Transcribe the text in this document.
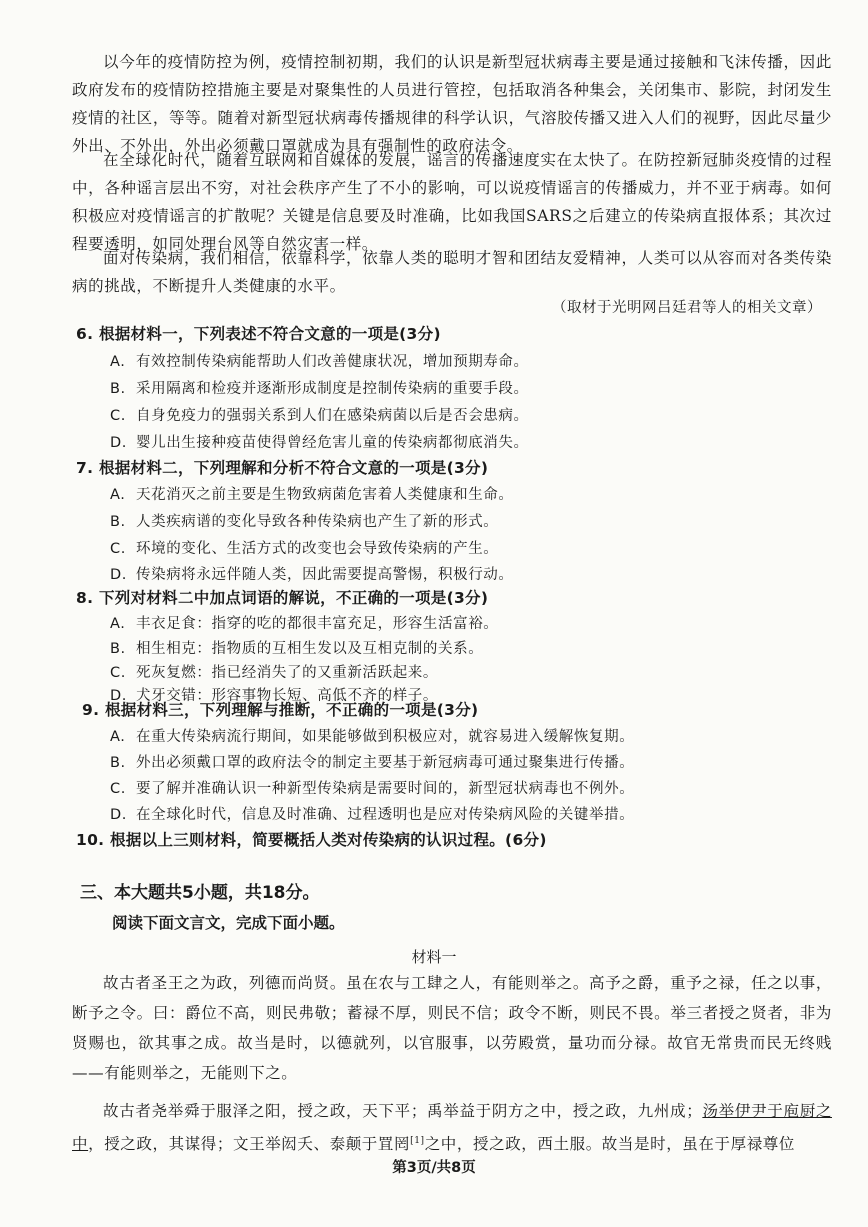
以今年的疫情防控为例，疫情控制初期，我们的认识是新型冠状病毒主要是通过接触和飞沫传播，因此政府发布的疫情防控措施主要是对聚集性的人员进行管控，包括取消各种集会，关闭集市、影院，封闭发生疫情的社区，等等。随着对新型冠状病毒传播规律的科学认识，气溶胶传播又进入人们的视野，因此尽量少外出、不外出，外出必须戴口罩就成为具有强制性的政府法令。

在全球化时代，随着互联网和自媒体的发展，谣言的传播速度实在太快了。在防控新冠肺炎疫情的过程中，各种谣言层出不穷，对社会秩序产生了不小的影响，可以说疫情谣言的传播威力，并不亚于病毒。如何积极应对疫情谣言的扩散呢？关键是信息要及时准确，比如我国SARS之后建立的传染病直报体系；其次过程要透明，如同处理台风等自然灾害一样。

面对传染病，我们相信，依靠科学，依靠人类的聪明才智和团结友爱精神，人类可以从容而对各类传染病的挑战，不断提升人类健康的水平。

（取材于光明网吕廷君等人的相关文章）
6. 根据材料一，下列表述不符合文意的一项是(3分)
A. 有效控制传染病能帮助人们改善健康状况，增加预期寿命。
B. 采用隔离和检疫并逐渐形成制度是控制传染病的重要手段。
C. 自身免疫力的强弱关系到人们在感染病菌以后是否会患病。
D. 婴儿出生接种疫苗使得曾经危害儿童的传染病都彻底消失。
7. 根据材料二，下列理解和分析不符合文意的一项是(3分)
A. 天花消灭之前主要是生物致病菌危害着人类健康和生命。
B. 人类疾病谱的变化导致各种传染病也产生了新的形式。
C. 环境的变化、生活方式的改变也会导致传染病的产生。
D. 传染病将永远伴随人类，因此需要提高警惕，积极行动。
8. 下列对材料二中加点词语的解说，不正确的一项是(3分)
A. 丰衣足食：指穿的吃的都很丰富充足，形容生活富裕。
B. 相生相克：指物质的互相生发以及互相克制的关系。
C. 死灰复燃：指已经消失了的又重新活跃起来。
D. 犬牙交错：形容事物长短、高低不齐的样子。
9. 根据材料三，下列理解与推断，不正确的一项是(3分)
A. 在重大传染病流行期间，如果能够做到积极应对，就容易进入缓解恢复期。
B. 外出必须戴口罩的政府法令的制定主要基于新冠病毒可通过聚集进行传播。
C. 要了解并准确认识一种新型传染病是需要时间的，新型冠状病毒也不例外。
D. 在全球化时代，信息及时准确、过程透明也是应对传染病风险的关键举措。
10. 根据以上三则材料，简要概括人类对传染病的认识过程。(6分)
三、本大题共5小题，共18分。
阅读下面文言文，完成下面小题。
材料一

故古者圣王之为政，列德而尚贤。虽在农与工肆之人，有能则举之。高予之爵，重予之禄，任之以事，断予之令。曰：爵位不高，则民弗敬；蓄禄不厚，则民不信；政令不断，则民不畏。举三者授之贤者，非为贤赐也，欲其事之成。故当是时，以德就列，以官服事，以劳殿赏，量功而分禄。故官无常贵而民无终贱——有能则举之，无能则下之。

故古者尧举舜于服泽之阳，授之政，天下平；禹举益于阴方之中，授之政，九州成；汤举伊尹于庖厨之中，授之政，其谋得；文王举闳夭、泰颠于罝罔[1]之中，授之政，西土服。故当是时，虽在于厚禄尊位

第3页/共8页
